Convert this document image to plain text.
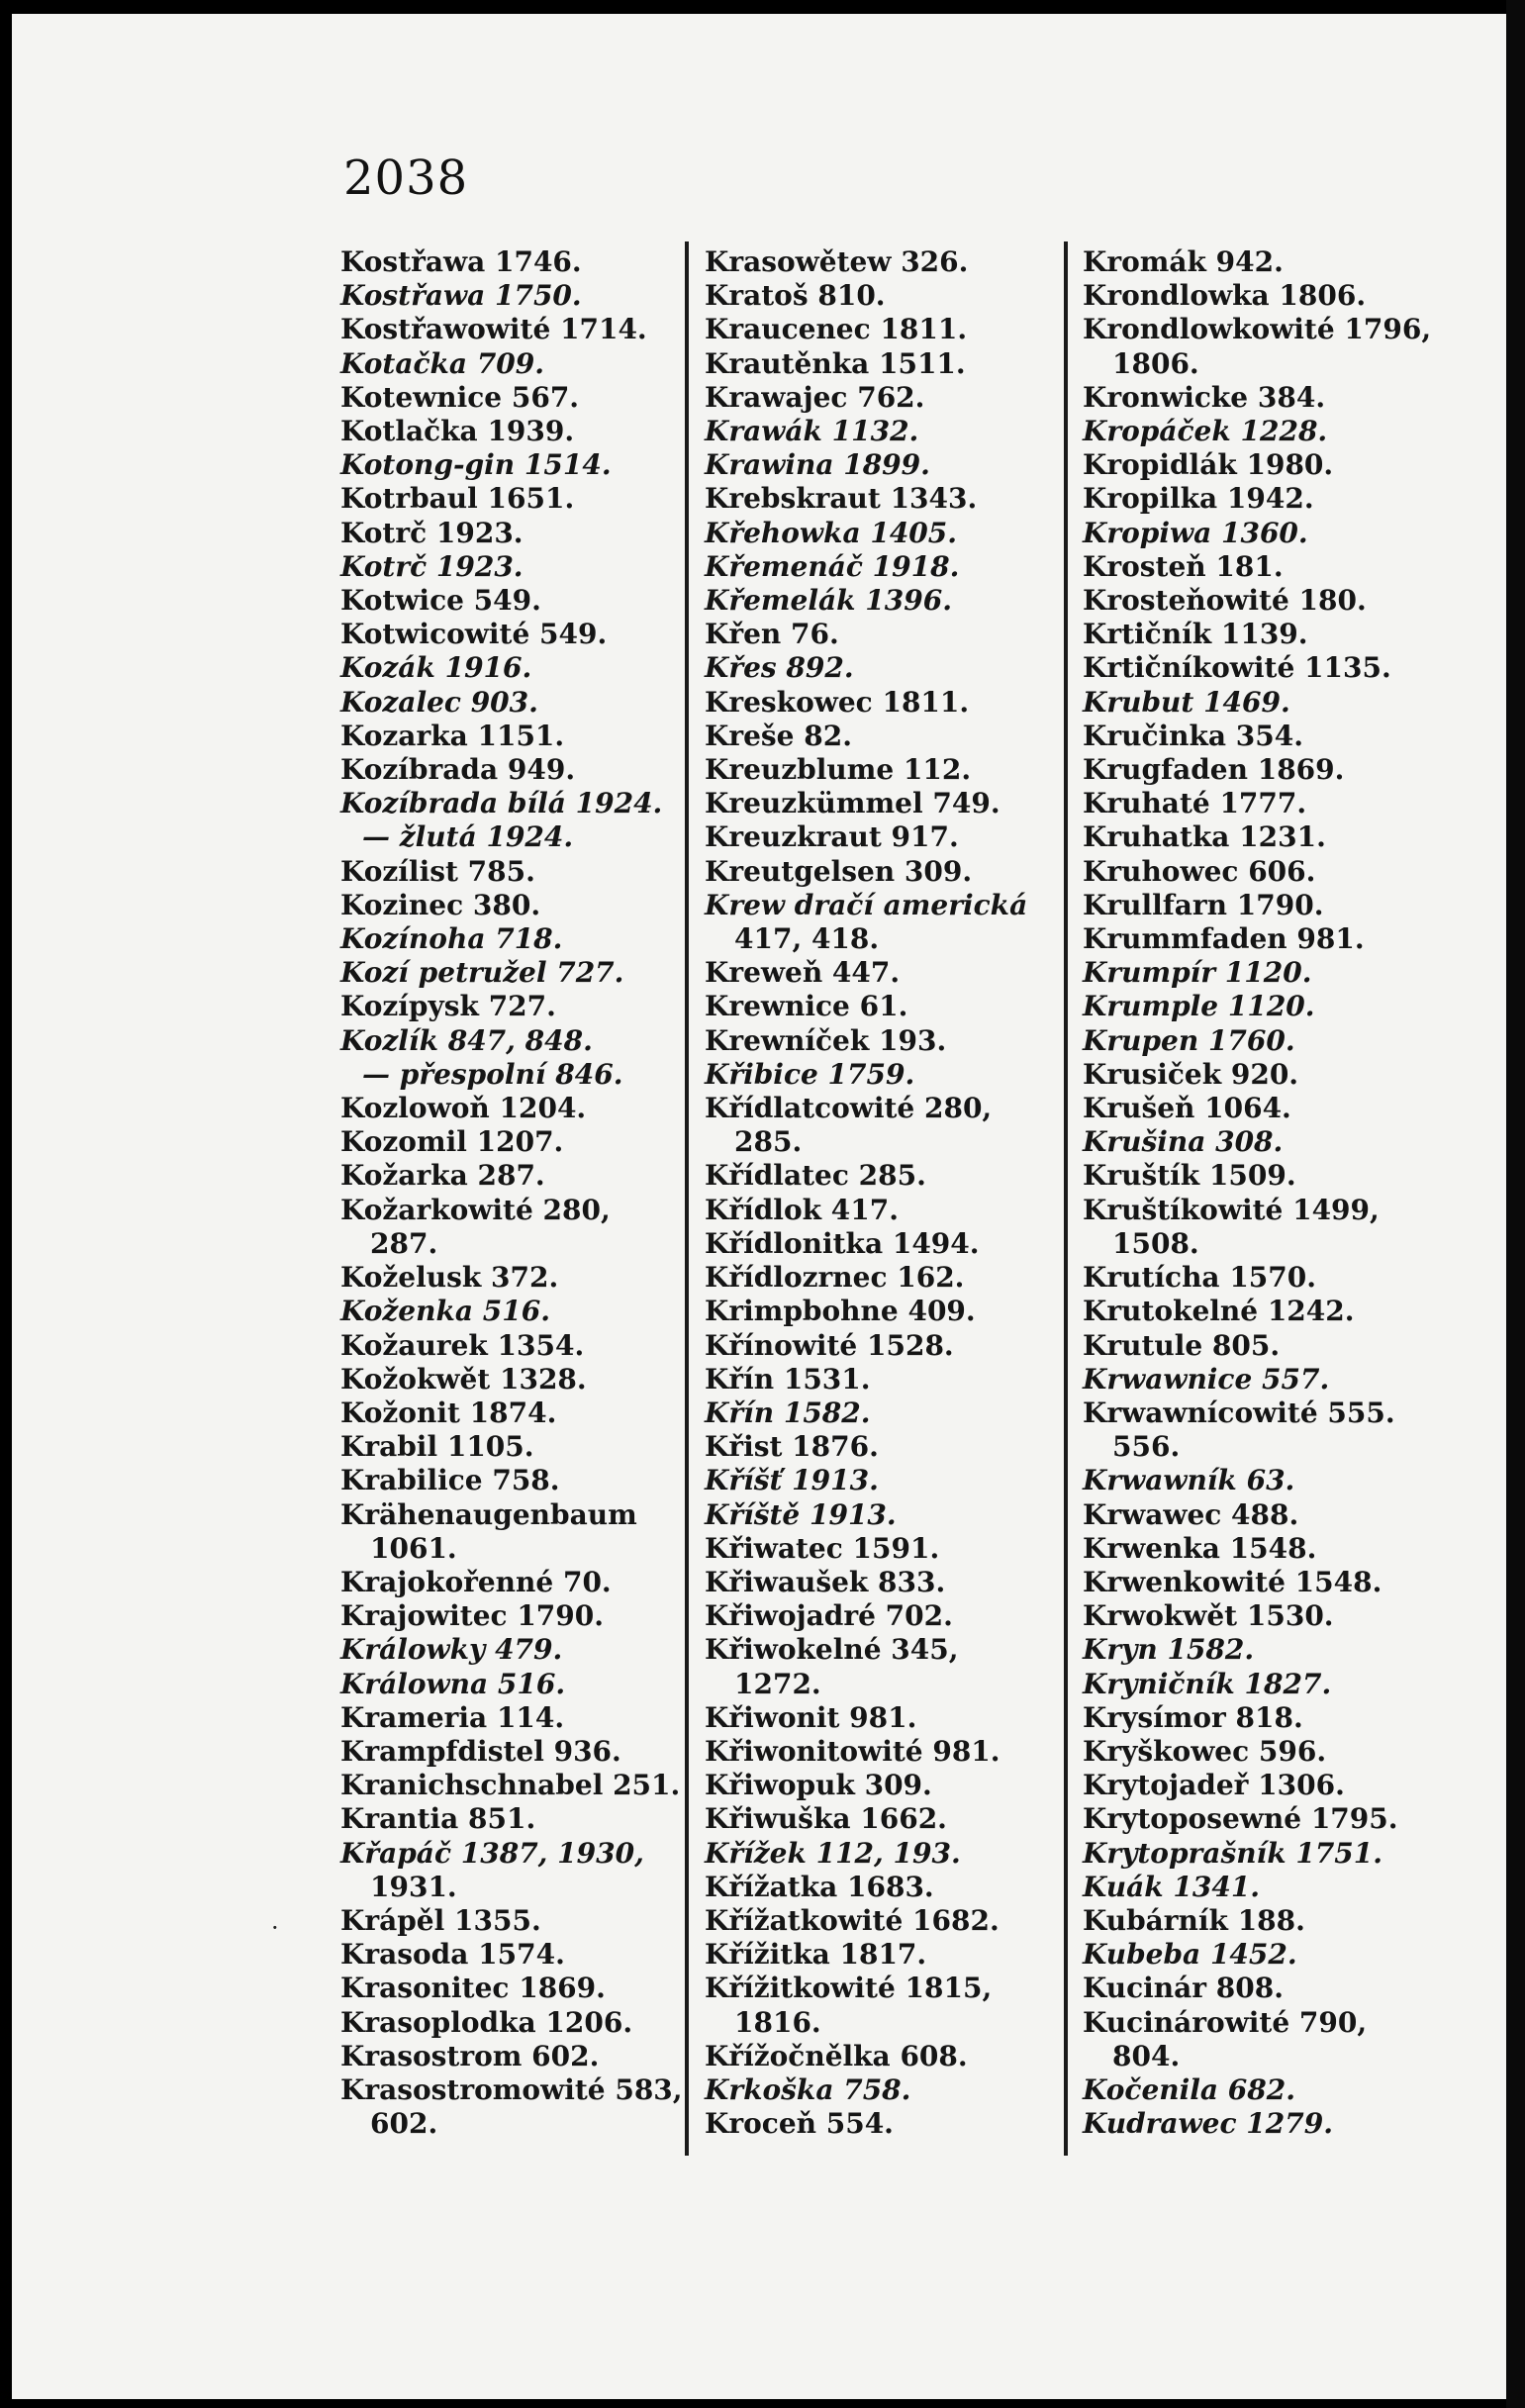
2038
Kostřawa 1746.
Kostřawa 1750.
Kostřawowité 1714.
Kotačka 709.
Kotewnice 567.
Kotlačka 1939.
Kotong-gin 1514.
Kotrbaul 1651.
Kotrč 1923.
Kotrč 1923.
Kotwice 549.
Kotwicowité 549.
Kozák 1916.
Kozalec 903.
Kozarka 1151.
Kozíbrada 949.
Kozíbrada bílá 1924.
— žlutá 1924.
Kozílist 785.
Kozinec 380.
Kozínoha 718.
Kozí petružel 727.
Kozípysk 727.
Kozlík 847, 848.
— přespolní 846.
Kozlowoň 1204.
Kozomil 1207.
Kožarka 287.
Kožarkowité 280,
287.
Koželusk 372.
Koženka 516.
Kožaurek 1354.
Kožokwět 1328.
Kožonit 1874.
Krabil 1105.
Krabilice 758.
Krähenaugenbaum
1061.
Krajokořenné 70.
Krajowitec 1790.
Králowky 479.
Králowna 516.
Krameria 114.
Krampfdistel 936.
Kranichschnabel 251.
Krantia 851.
Křapáč 1387, 1930,
1931.
Krápěl 1355.
Krasoda 1574.
Krasonitec 1869.
Krasoplodka 1206.
Krasostrom 602.
Krasostromowité 583,
602.
Krasowětew 326.
Kratoš 810.
Kraucenec 1811.
Krautěnka 1511.
Krawajec 762.
Krawák 1132.
Krawina 1899.
Krebskraut 1343.
Křehowka 1405.
Křemenáč 1918.
Křemelák 1396.
Křen 76.
Křes 892.
Kreskowec 1811.
Kreše 82.
Kreuzblume 112.
Kreuzkümmel 749.
Kreuzkraut 917.
Kreutgelsen 309.
Krew dračí americká
417, 418.
Kreweň 447.
Krewnice 61.
Krewníček 193.
Křibice 1759.
Křídlatcowité 280,
285.
Křídlatec 285.
Křídlok 417.
Křídlonitka 1494.
Křídlozrnec 162.
Krimpbohne 409.
Křínowité 1528.
Křín 1531.
Křín 1582.
Křist 1876.
Kříšť 1913.
Kříště 1913.
Křiwatec 1591.
Křiwaušek 833.
Křiwojadré 702.
Křiwokelné 345,
1272.
Křiwonit 981.
Křiwonitowité 981.
Křiwopuk 309.
Křiwuška 1662.
Křížek 112, 193.
Křížatka 1683.
Křížatkowité 1682.
Křížitka 1817.
Křížitkowité 1815,
1816.
Křížočnělka 608.
Krkoška 758.
Kroceň 554.
Kromák 942.
Krondlowka 1806.
Krondlowkowité 1796,
1806.
Kronwicke 384.
Kropáček 1228.
Kropidlák 1980.
Kropilka 1942.
Kropiwa 1360.
Krosteň 181.
Krosteňowité 180.
Krtičník 1139.
Krtičníkowité 1135.
Krubut 1469.
Kručinka 354.
Krugfaden 1869.
Kruhaté 1777.
Kruhatka 1231.
Kruhowec 606.
Krullfarn 1790.
Krummfaden 981.
Krumpír 1120.
Krumple 1120.
Krupen 1760.
Krusiček 920.
Krušeň 1064.
Krušina 308.
Kruštík 1509.
Kruštíkowité 1499,
1508.
Krutícha 1570.
Krutokelné 1242.
Krutule 805.
Krwawnice 557.
Krwawnícowité 555.
556.
Krwawník 63.
Krwawec 488.
Krwenka 1548.
Krwenkowité 1548.
Krwokwět 1530.
Kryn 1582.
Kryničník 1827.
Krysímor 818.
Kryškowec 596.
Krytojadeř 1306.
Krytoposewné 1795.
Krytoprašník 1751.
Kuák 1341.
Kubárník 188.
Kubeba 1452.
Kucinár 808.
Kucinárowité 790,
804.
Kočenila 682.
Kudrawec 1279.
·
